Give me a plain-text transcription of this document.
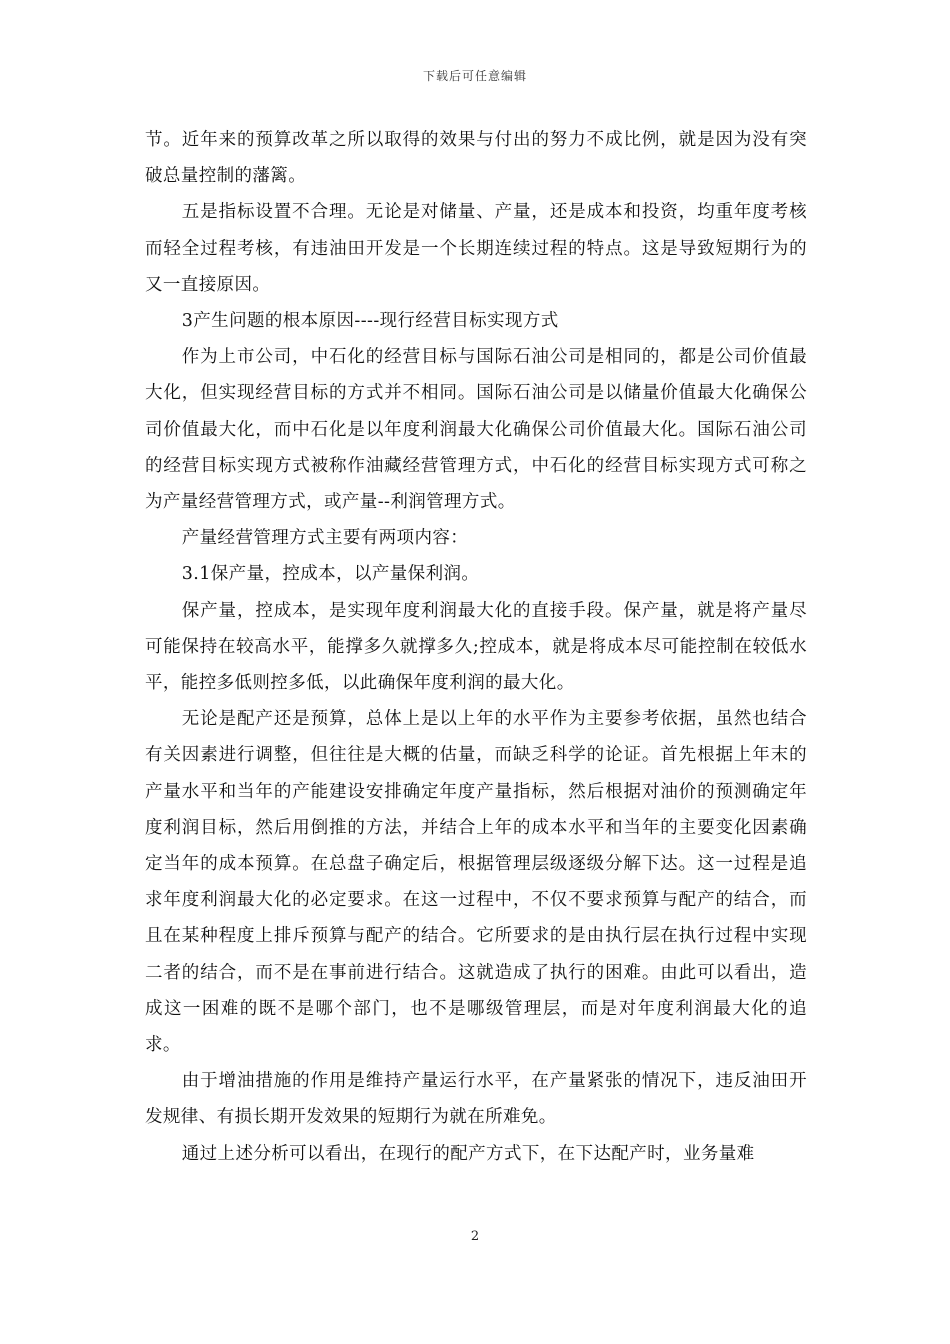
下载后可任意编辑

节。近年来的预算改革之所以取得的效果与付出的努力不成比例，就是因为没有突破总量控制的藩篱。

五是指标设置不合理。无论是对储量、产量，还是成本和投资，均重年度考核而轻全过程考核，有违油田开发是一个长期连续过程的特点。这是导致短期行为的又一直接原因。

3产生问题的根本原因----现行经营目标实现方式

作为上市公司，中石化的经营目标与国际石油公司是相同的，都是公司价值最大化，但实现经营目标的方式并不相同。国际石油公司是以储量价值最大化确保公司价值最大化，而中石化是以年度利润最大化确保公司价值最大化。国际石油公司的经营目标实现方式被称作油藏经营管理方式，中石化的经营目标实现方式可称之为产量经营管理方式，或产量--利润管理方式。

产量经营管理方式主要有两项内容：

3.1保产量，控成本，以产量保利润。

保产量，控成本，是实现年度利润最大化的直接手段。保产量，就是将产量尽可能保持在较高水平，能撑多久就撑多久;控成本，就是将成本尽可能控制在较低水平，能控多低则控多低，以此确保年度利润的最大化。

无论是配产还是预算，总体上是以上年的水平作为主要参考依据，虽然也结合有关因素进行调整，但往往是大概的估量，而缺乏科学的论证。首先根据上年末的产量水平和当年的产能建设安排确定年度产量指标，然后根据对油价的预测确定年度利润目标，然后用倒推的方法，并结合上年的成本水平和当年的主要变化因素确定当年的成本预算。在总盘子确定后，根据管理层级逐级分解下达。这一过程是追求年度利润最大化的必定要求。在这一过程中，不仅不要求预算与配产的结合，而且在某种程度上排斥预算与配产的结合。它所要求的是由执行层在执行过程中实现二者的结合，而不是在事前进行结合。这就造成了执行的困难。由此可以看出，造成这一困难的既不是哪个部门，也不是哪级管理层，而是对年度利润最大化的追求。

由于增油措施的作用是维持产量运行水平，在产量紧张的情况下，违反油田开发规律、有损长期开发效果的短期行为就在所难免。

通过上述分析可以看出，在现行的配产方式下，在下达配产时，业务量难

2
